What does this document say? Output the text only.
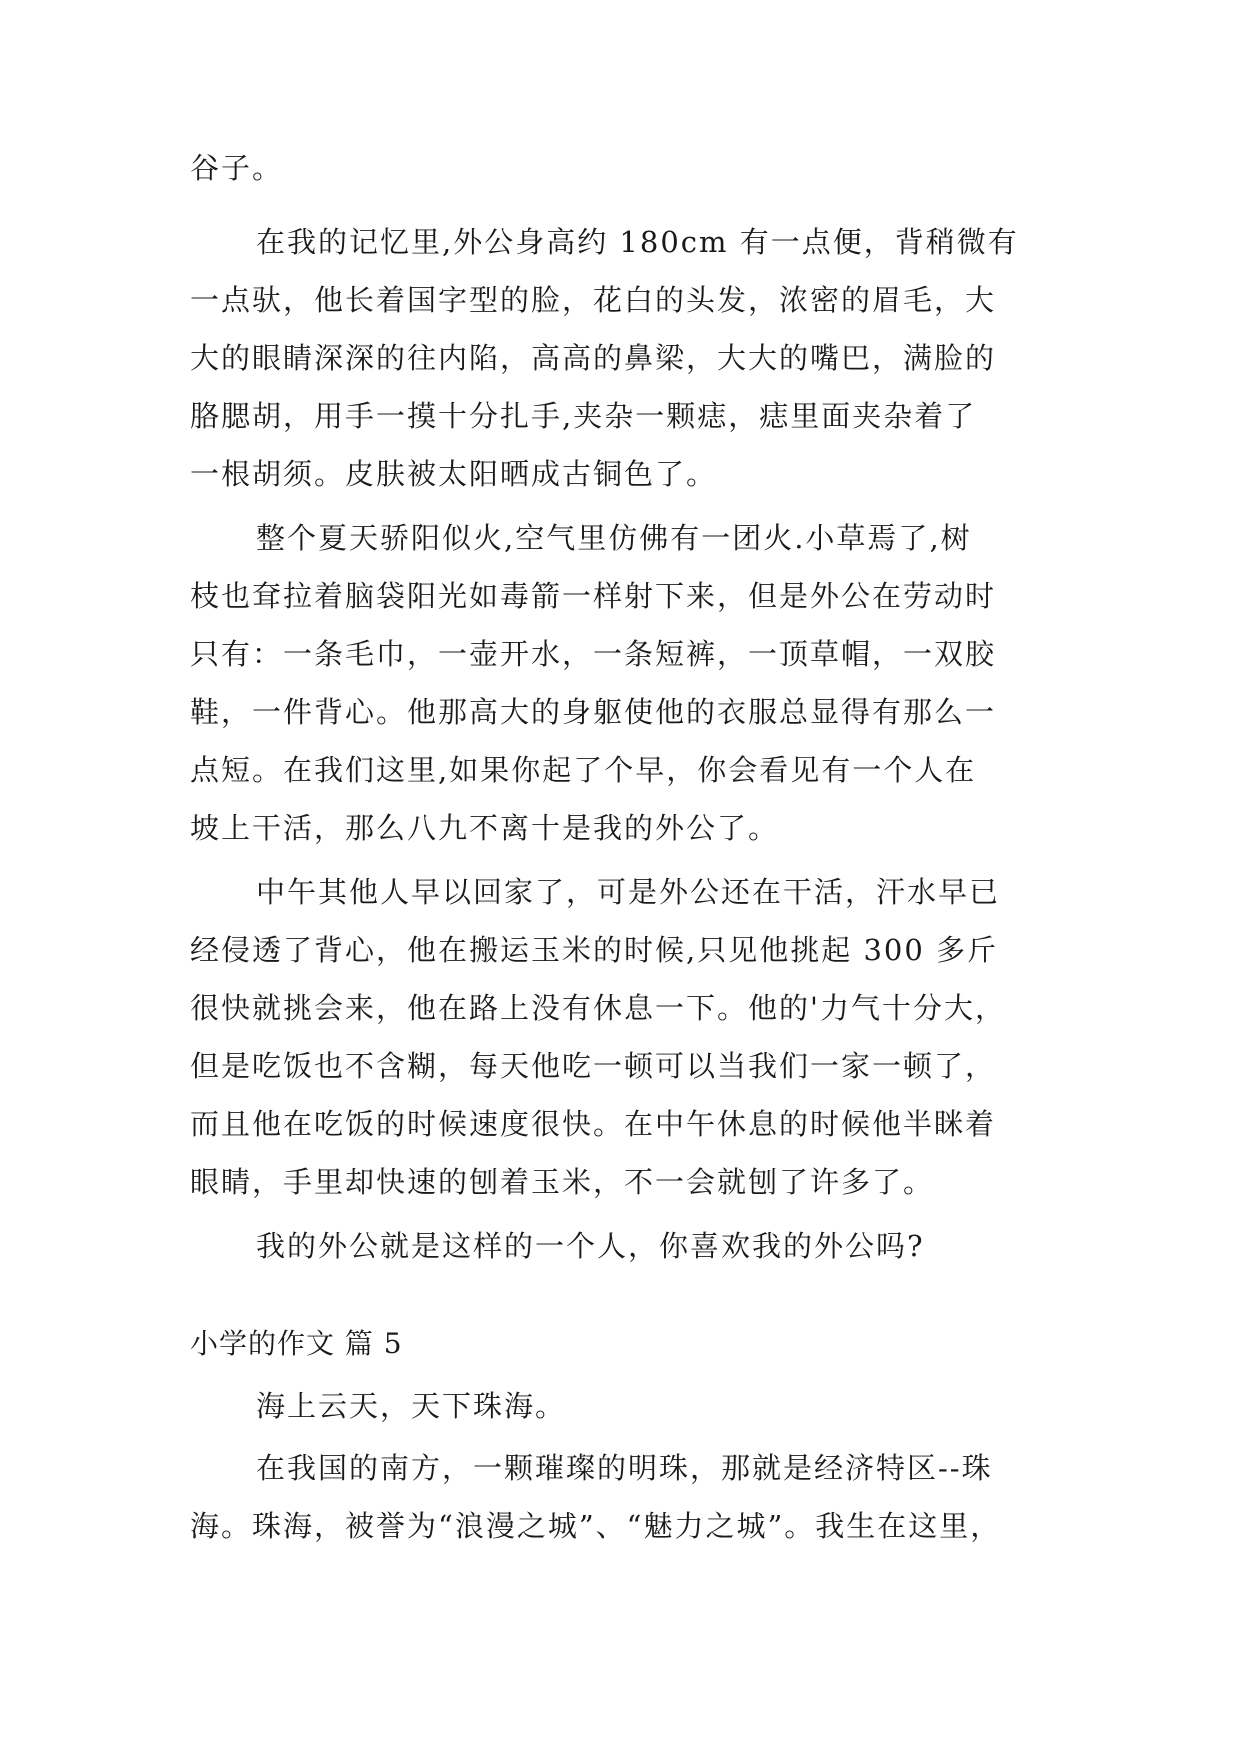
谷子。
在我的记忆里,外公身高约 180cm 有一点便，背稍微有
一点驮，他长着国字型的脸，花白的头发，浓密的眉毛，大
大的眼睛深深的往内陷，高高的鼻梁，大大的嘴巴，满脸的
胳腮胡，用手一摸十分扎手,夹杂一颗痣，痣里面夹杂着了
一根胡须。皮肤被太阳晒成古铜色了。
整个夏天骄阳似火,空气里仿佛有一团火.小草焉了,树
枝也耷拉着脑袋阳光如毒箭一样射下来，但是外公在劳动时
只有：一条毛巾，一壶开水，一条短裤，一顶草帽，一双胶
鞋，一件背心。他那高大的身躯使他的衣服总显得有那么一
点短。在我们这里,如果你起了个早，你会看见有一个人在
坡上干活，那么八九不离十是我的外公了。
中午其他人早以回家了，可是外公还在干活，汗水早已
经侵透了背心，他在搬运玉米的时候,只见他挑起 300 多斤
很快就挑会来，他在路上没有休息一下。他的'力气十分大，
但是吃饭也不含糊，每天他吃一顿可以当我们一家一顿了，
而且他在吃饭的时候速度很快。在中午休息的时候他半眯着
眼睛，手里却快速的刨着玉米，不一会就刨了许多了。
我的外公就是这样的一个人，你喜欢我的外公吗?
小学的作文 篇 5
海上云天，天下珠海。
在我国的南方，一颗璀璨的明珠，那就是经济特区--珠
海。珠海，被誉为“浪漫之城”、“魅力之城”。我生在这里，
